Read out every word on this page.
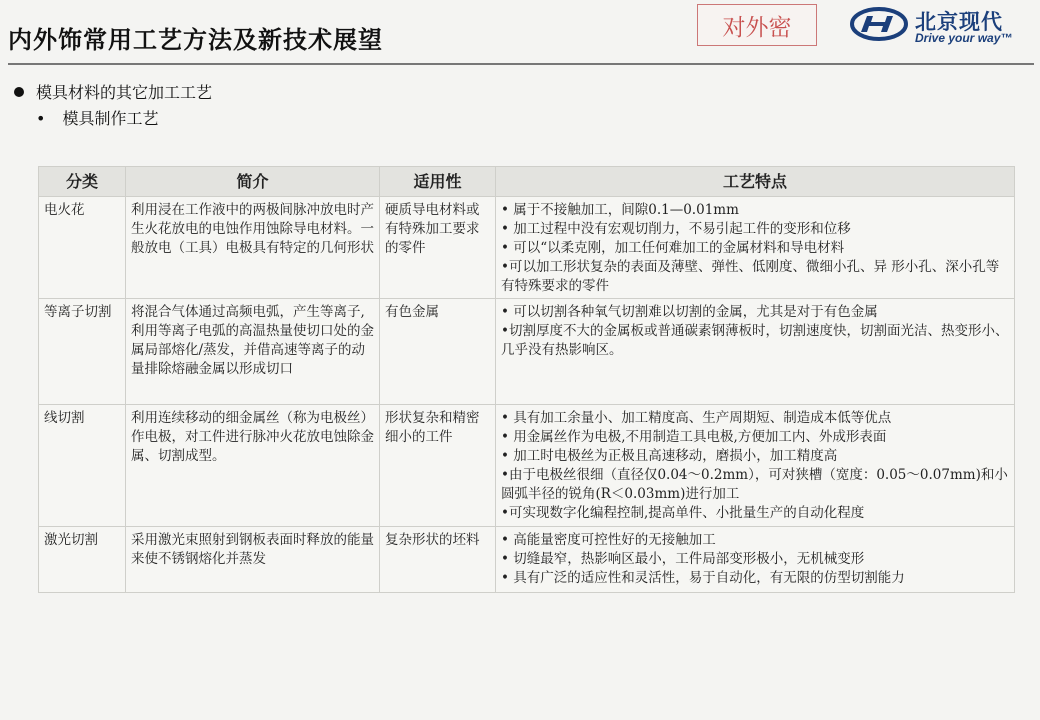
内外饰常用工艺方法及新技术展望	对外密	北京现代
Drive your way™
模具材料的其它加工工艺
• 模具制作工艺
分类	简介	适用性	工艺特点
电火花	利用浸在工作液中的两极间脉冲放电时产生火花放电的电蚀作用蚀除导电材料。一般放电（工具）电极具有特定的几何形状	硬质导电材料或有特殊加工要求的零件	• 属于不接触加工，间隙0.1—0.01mm
• 加工过程中没有宏观切削力，不易引起工件的变形和位移
• 可以“以柔克刚，加工任何难加工的金属材料和导电材料
•可以加工形状复杂的表面及薄壁、弹性、低刚度、微细小孔、异 形小孔、深小孔等有特殊要求的零件

等离子切割	将混合气体通过高频电弧，产生等离子,利用等离子电弧的高温热量使切口处的金属局部熔化/蒸发，并借高速等离子的动量排除熔融金属以形成切口	有色金属	• 可以切割各种氧气切割难以切割的金属，尤其是对于有色金属
•切割厚度不大的金属板或普通碳素钢薄板时，切割速度快，切割面光洁、热变形小、几乎没有热影响区。

线切割	利用连续移动的细金属丝（称为电极丝）作电极，对工件进行脉冲火花放电蚀除金属、切割成型。	形状复杂和精密细小的工件	• 具有加工余量小、加工精度高、生产周期短、制造成本低等优点
• 用金属丝作为电极,不用制造工具电极,方便加工内、外成形表面
• 加工时电极丝为正极且高速移动，磨损小，加工精度高
•由于电极丝很细（直径仅0.04～0.2mm），可对狭槽（宽度：0.05～0.07mm)和小圆弧半径的锐角(R＜0.03mm)进行加工
•可实现数字化编程控制,提高单件、小批量生产的自动化程度

激光切割	采用激光束照射到钢板表面时释放的能量来使不锈钢熔化并蒸发	复杂形状的坯料	• 高能量密度可控性好的无接触加工
• 切缝最窄，热影响区最小，工件局部变形极小，无机械变形
• 具有广泛的适应性和灵活性，易于自动化，有无限的仿型切割能力
